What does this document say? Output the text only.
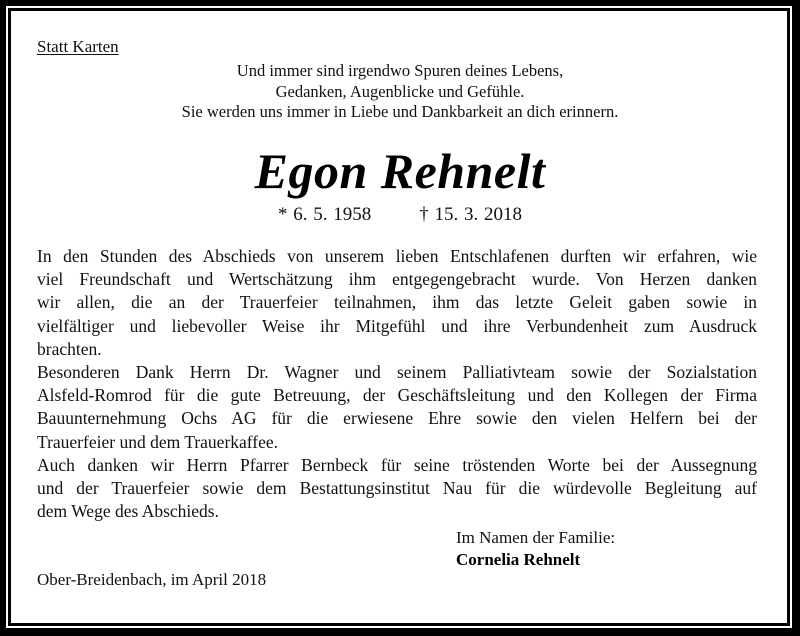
Statt Karten
Und immer sind irgendwo Spuren deines Lebens,
Gedanken, Augenblicke und Gefühle.
Sie werden uns immer in Liebe und Dankbarkeit an dich erinnern.
Egon Rehnelt
* 6. 5. 1958	† 15. 3. 2018

In den Stunden des Abschieds von unserem lieben Entschlafenen durften wir erfahren, wie
viel Freundschaft und Wertschätzung ihm entgegengebracht wurde. Von Herzen danken
wir allen, die an der Trauerfeier teilnahmen, ihm das letzte Geleit gaben sowie in
vielfältiger und liebevoller Weise ihr Mitgefühl und ihre Verbundenheit zum Ausdruck
brachten.

Besonderen Dank Herrn Dr. Wagner und seinem Palliativteam sowie der Sozialstation
Alsfeld-Romrod für die gute Betreuung, der Geschäftsleitung und den Kollegen der Firma
Bauunternehmung Ochs AG für die erwiesene Ehre sowie den vielen Helfern bei der
Trauerfeier und dem Trauerkaffee.

Auch danken wir Herrn Pfarrer Bernbeck für seine tröstenden Worte bei der Aussegnung
und der Trauerfeier sowie dem Bestattungsinstitut Nau für die würdevolle Begleitung auf
dem Wege des Abschieds.

Im Namen der Familie:
Cornelia Rehnelt
Ober-Breidenbach, im April 2018
